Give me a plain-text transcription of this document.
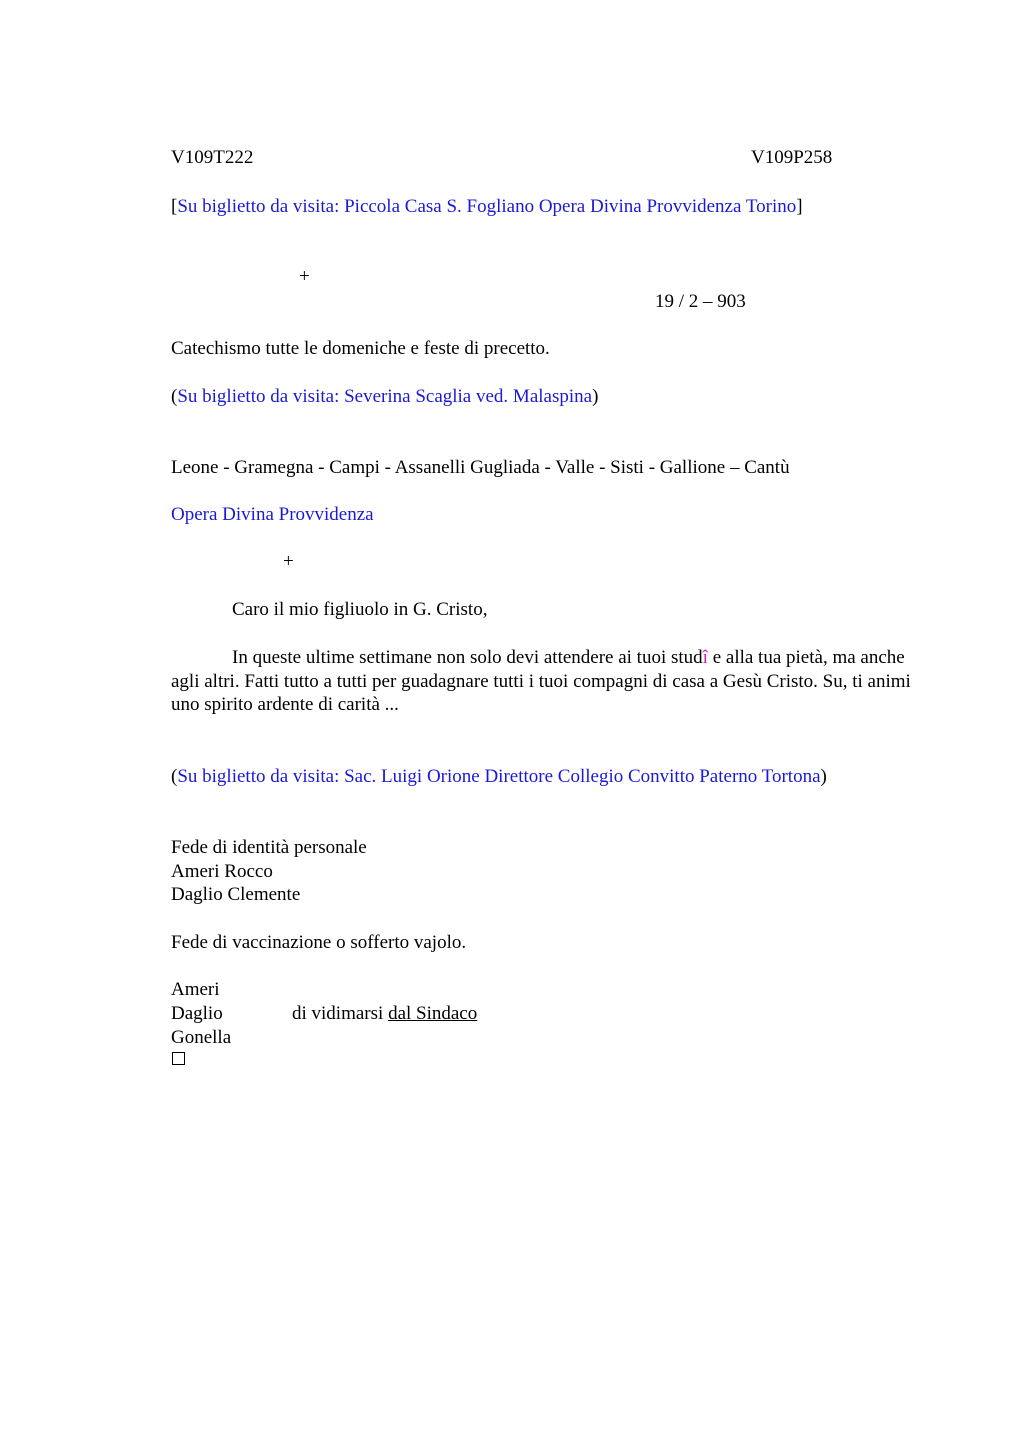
V109T222	V109P258
[Su biglietto da visita: Piccola Casa S. Fogliano Opera Divina Provvidenza Torino]
+
19 / 2 – 903
Catechismo tutte le domeniche e feste di precetto.
(Su biglietto da visita: Severina Scaglia ved. Malaspina)
Leone - Gramegna - Campi - Assanelli Gugliada - Valle - Sisti - Gallione – Cantù
Opera Divina Provvidenza
+
Caro il mio figliuolo in G. Cristo,
In queste ultime settimane non solo devi attendere ai tuoi studî e alla tua pietà, ma anche agli altri. Fatti tutto a tutti per guadagnare tutti i tuoi compagni di casa a Gesù Cristo. Su, ti animi uno spirito ardente di carità ...
(Su biglietto da visita: Sac. Luigi Orione Direttore Collegio Convitto Paterno Tortona)
Fede di identità personale
Ameri Rocco
Daglio Clemente
Fede di vaccinazione o sofferto vajolo.
Ameri
Daglio	di vidimarsi dal Sindaco
Gonella
